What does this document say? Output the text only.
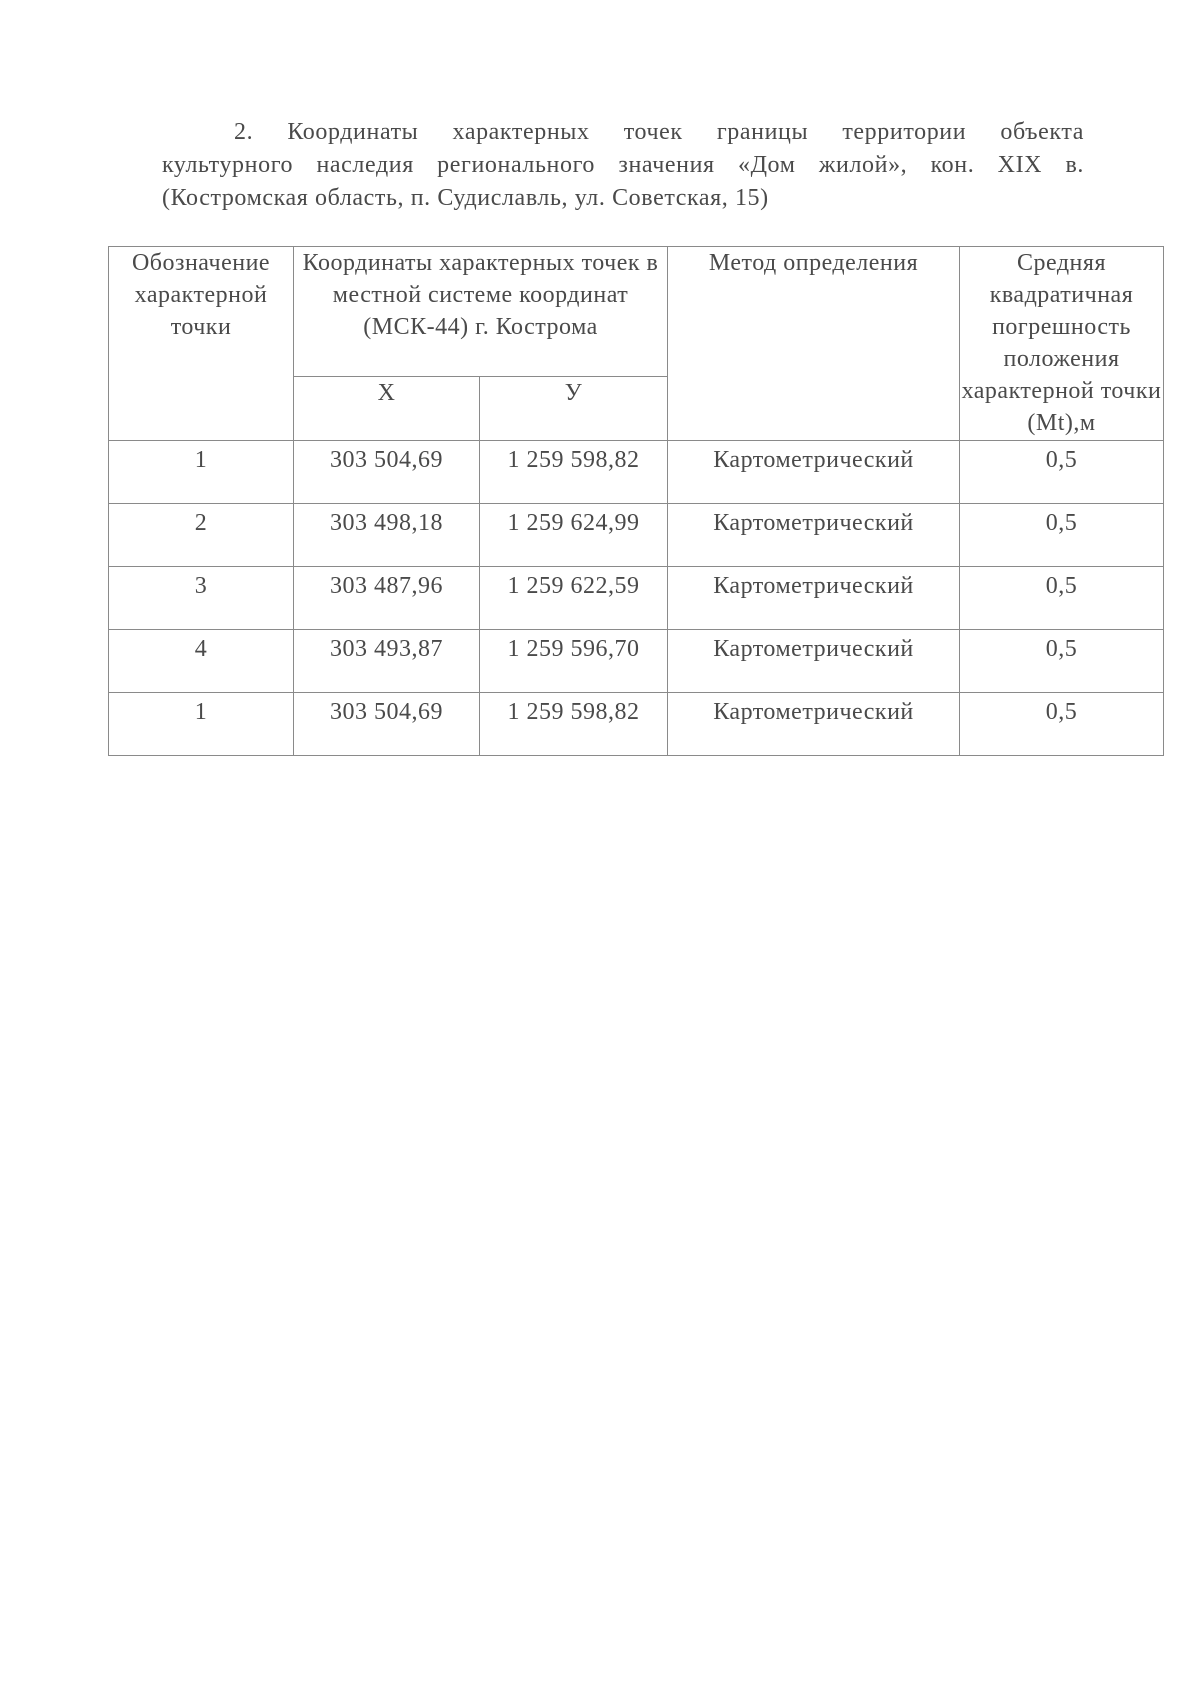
2. Координаты характерных точек границы территории объекта
культурного наследия регионального значения «Дом жилой», кон. XIX в.
(Костромская область, п. Судиславль, ул. Советская, 15)
Обозначение характерной точки	Координаты характерных точек в местной системе координат (МСК-44) г. Кострома		Метод определения	Средняя квадратичная погрешность положения характерной точки (Mt),м
	Х	У		
1	303 504,69	1 259 598,82	Картометрический	0,5
2	303 498,18	1 259 624,99	Картометрический	0,5
3	303 487,96	1 259 622,59	Картометрический	0,5
4	303 493,87	1 259 596,70	Картометрический	0,5
1	303 504,69	1 259 598,82	Картометрический	0,5
